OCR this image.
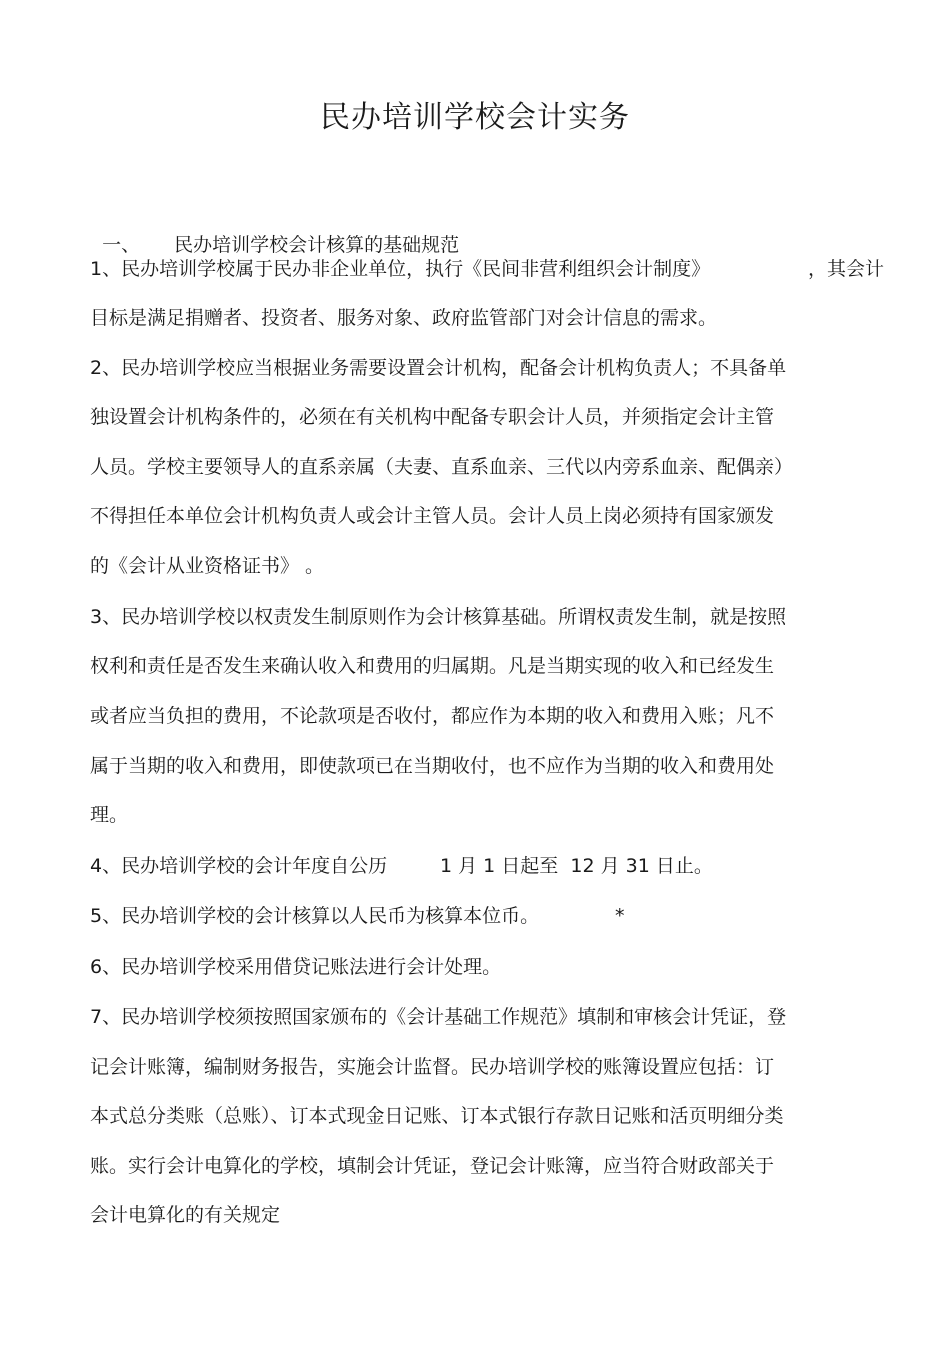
民办培训学校会计实务

一、 民办培训学校会计核算的基础规范

1、民办培训学校属于民办非企业单位，执行《民间非营利组织会计制度》	，其会计
目标是满足捐赠者、投资者、服务对象、政府监管部门对会计信息的需求。
2、民办培训学校应当根据业务需要设置会计机构，配备会计机构负责人；不具备单
独设置会计机构条件的，必须在有关机构中配备专职会计人员，并须指定会计主管
人员。学校主要领导人的直系亲属（夫妻、直系血亲、三代以内旁系血亲、配偶亲）
不得担任本单位会计机构负责人或会计主管人员。会计人员上岗必须持有国家颁发
的《会计从业资格证书》 。
3、民办培训学校以权责发生制原则作为会计核算基础。所谓权责发生制，就是按照
权利和责任是否发生来确认收入和费用的归属期。凡是当期实现的收入和已经发生
或者应当负担的费用，不论款项是否收付，都应作为本期的收入和费用入账；凡不
属于当期的收入和费用，即使款项已在当期收付，也不应作为当期的收入和费用处
理。
4、民办培训学校的会计年度自公历	1 月 1 日起至  12 月 31 日止。
5、民办培训学校的会计核算以人民币为核算本位币。	*
6、民办培训学校采用借贷记账法进行会计处理。
7、民办培训学校须按照国家颁布的《会计基础工作规范》填制和审核会计凭证，登
记会计账簿，编制财务报告，实施会计监督。民办培训学校的账簿设置应包括：订
本式总分类账（总账）、订本式现金日记账、订本式银行存款日记账和活页明细分类
账。实行会计电算化的学校，填制会计凭证，登记会计账簿，应当符合财政部关于
会计电算化的有关规定
